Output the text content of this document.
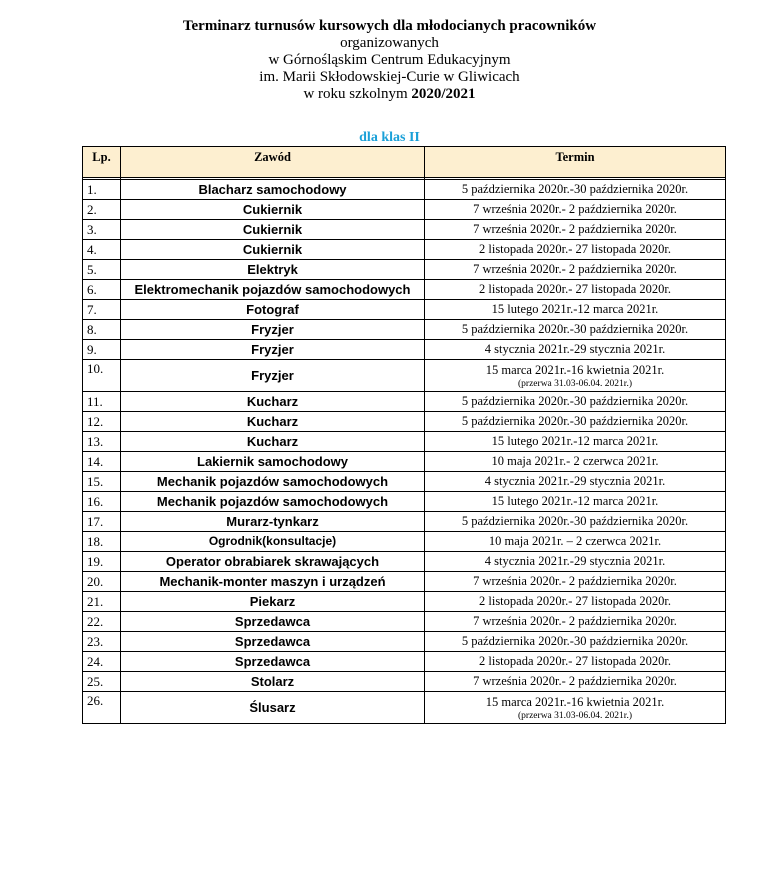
Terminarz turnusów kursowych dla młodocianych pracowników
organizowanych
w Górnośląskim Centrum Edukacyjnym
im. Marii Skłodowskiej-Curie w Gliwicach
w roku szkolnym 2020/2021
dla klas II
Lp.	Zawód	Termin

1.	Blacharz samochodowy	5 października 2020r.-30 października 2020r.
2.	Cukiernik	7 września 2020r.- 2 października 2020r.
3.	Cukiernik	7 września 2020r.- 2 października 2020r.
4.	Cukiernik	2 listopada 2020r.- 27 listopada 2020r.
5.	Elektryk	7 września 2020r.- 2 października 2020r.
6.	Elektromechanik pojazdów samochodowych	2 listopada 2020r.- 27 listopada 2020r.
7.	Fotograf	15 lutego 2021r.-12 marca 2021r.
8.	Fryzjer	5 października 2020r.-30 października 2020r.
9.	Fryzjer	4 stycznia 2021r.-29 stycznia 2021r.
10.	Fryzjer	15 marca 2021r.-16 kwietnia 2021r.
(przerwa 31.03-06.04. 2021r.)

11.	Kucharz	5 października 2020r.-30 października 2020r.
12.	Kucharz	5 października 2020r.-30 października 2020r.
13.	Kucharz	15 lutego 2021r.-12 marca 2021r.
14.	Lakiernik samochodowy	10 maja 2021r.- 2 czerwca 2021r.
15.	Mechanik pojazdów samochodowych	4 stycznia 2021r.-29 stycznia 2021r.
16.	Mechanik pojazdów samochodowych	15 lutego 2021r.-12 marca 2021r.
17.	Murarz-tynkarz	5 października 2020r.-30 października 2020r.
18.	Ogrodnik(konsultacje)	10 maja 2021r. – 2 czerwca 2021r.
19.	Operator obrabiarek skrawających	4 stycznia 2021r.-29 stycznia 2021r.
20.	Mechanik-monter maszyn i urządzeń	7 września 2020r.- 2 października 2020r.
21.	Piekarz	2 listopada 2020r.- 27 listopada 2020r.
22.	Sprzedawca	7 września 2020r.- 2 października 2020r.
23.	Sprzedawca	5 października 2020r.-30 października 2020r.
24.	Sprzedawca	2 listopada 2020r.- 27 listopada 2020r.
25.	Stolarz	7 września 2020r.- 2 października 2020r.
26.	Ślusarz	15 marca 2021r.-16 kwietnia 2021r.
(przerwa 31.03-06.04. 2021r.)
